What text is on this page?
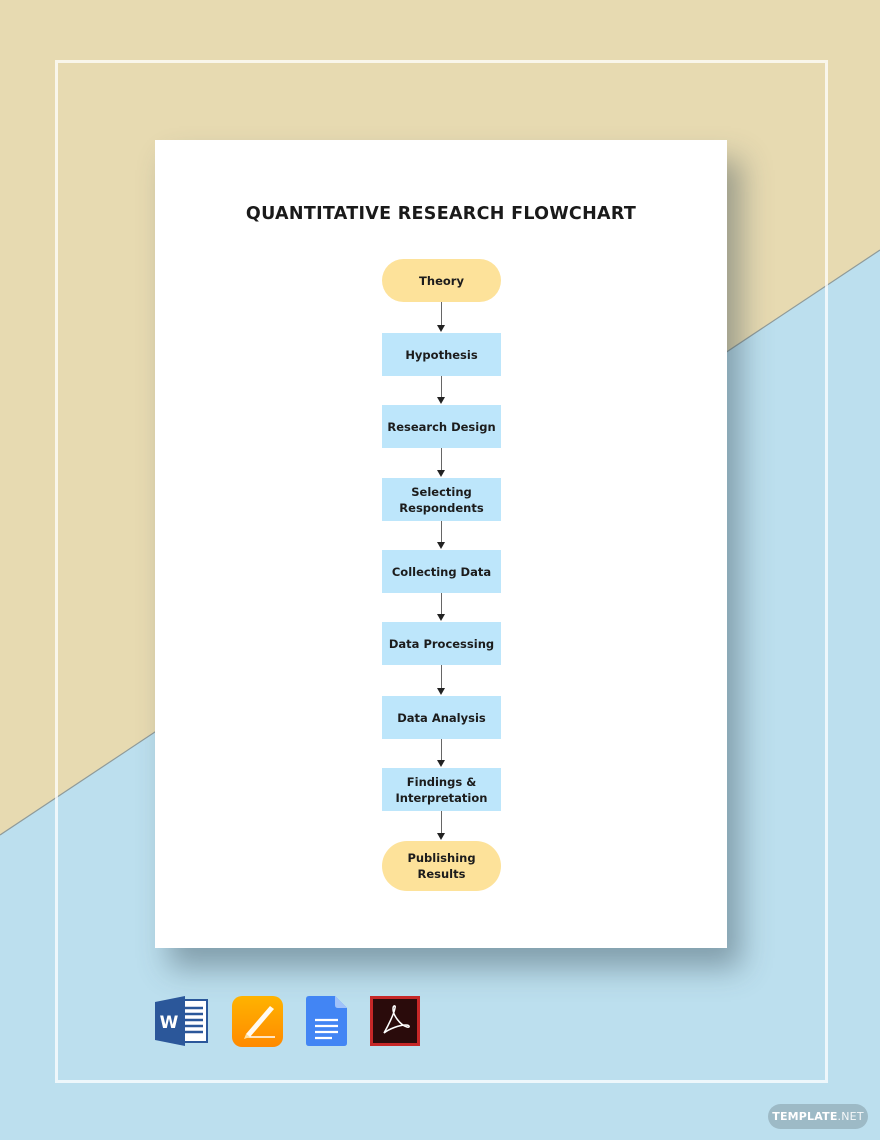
QUANTITATIVE RESEARCH FLOWCHART
Theory
Hypothesis
Research Design
Selecting Respondents
Collecting Data
Data Processing
Data Analysis
Findings & Interpretation
Publishing Results
W
TEMPLATE .NET
